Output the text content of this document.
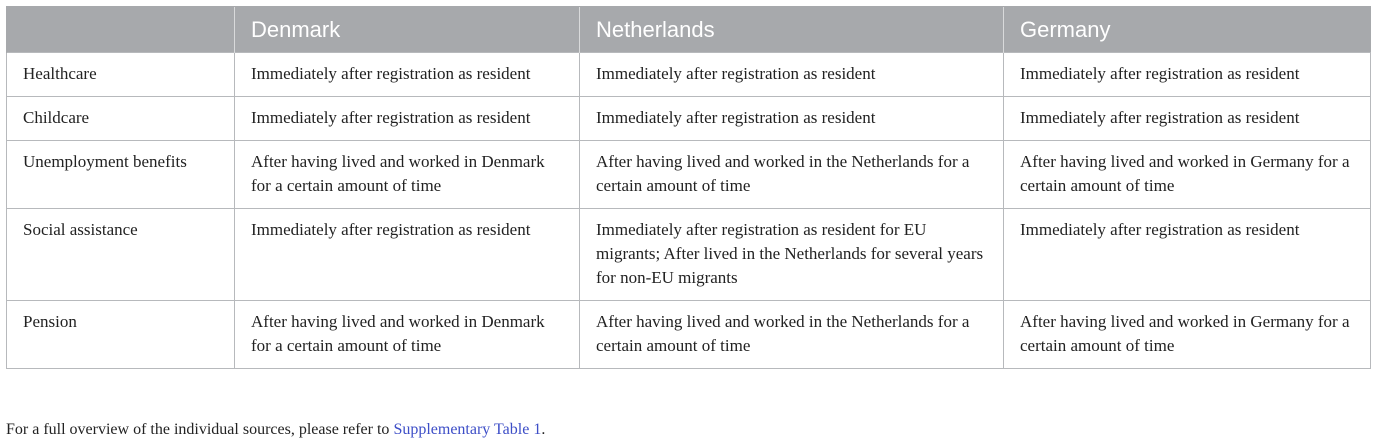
	Denmark	Netherlands	Germany
Healthcare	Immediately after registration as resident	Immediately after registration as resident	Immediately after registration as resident
Childcare	Immediately after registration as resident	Immediately after registration as resident	Immediately after registration as resident
Unemployment benefits	After having lived and worked in Denmark for a certain amount of time	After having lived and worked in the Netherlands for a certain amount of time	After having lived and worked in Germany for a certain amount of time
Social assistance	Immediately after registration as resident	Immediately after registration as resident for EU migrants; After lived in the Netherlands for several years for non-EU migrants	Immediately after registration as resident
Pension	After having lived and worked in Denmark for a certain amount of time	After having lived and worked in the Netherlands for a certain amount of time	After having lived and worked in Germany for a certain amount of time
For a full overview of the individual sources, please refer to Supplementary Table 1.
